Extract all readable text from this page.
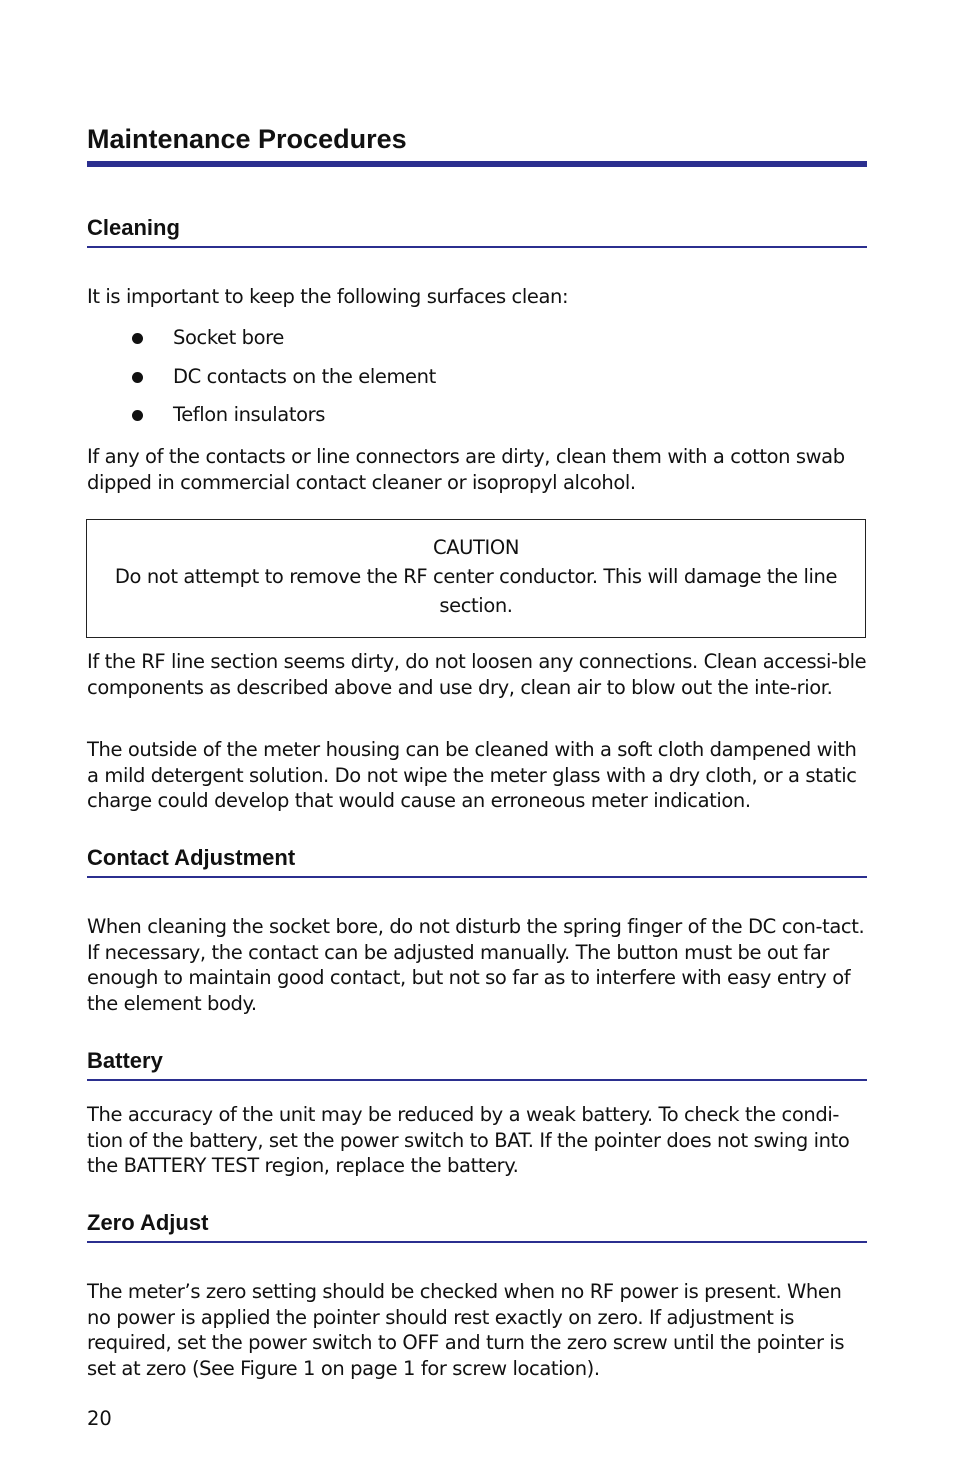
Maintenance Procedures
Cleaning

It is important to keep the following surfaces clean:

Socket bore
DC contacts on the element
Teflon insulators

If any of the contacts or line connectors are dirty, clean them with a cotton swab dipped in commercial contact cleaner or isopropyl alcohol.

CAUTION
Do not attempt to remove the RF center conductor. This will damage the line section.

If the RF line section seems dirty, do not loosen any connections. Clean accessi-ble components as described above and use dry, clean air to blow out the inte-rior.

The outside of the meter housing can be cleaned with a soft cloth dampened with a mild detergent solution. Do not wipe the meter glass with a dry cloth, or a static charge could develop that would cause an erroneous meter indication.

Contact Adjustment

When cleaning the socket bore, do not disturb the spring finger of the DC con-tact. If necessary, the contact can be adjusted manually. The button must be out far enough to maintain good contact, but not so far as to interfere with easy entry of the element body.

Battery

The accuracy of the unit may be reduced by a weak battery. To check the condi-tion of the battery, set the power switch to BAT. If the pointer does not swing into the BATTERY TEST region, replace the battery.

Zero Adjust

The meter’s zero setting should be checked when no RF power is present. When no power is applied the pointer should rest exactly on zero. If adjustment is required, set the power switch to OFF and turn the zero screw until the pointer is set at zero (See Figure 1 on page 1 for screw location).

20
